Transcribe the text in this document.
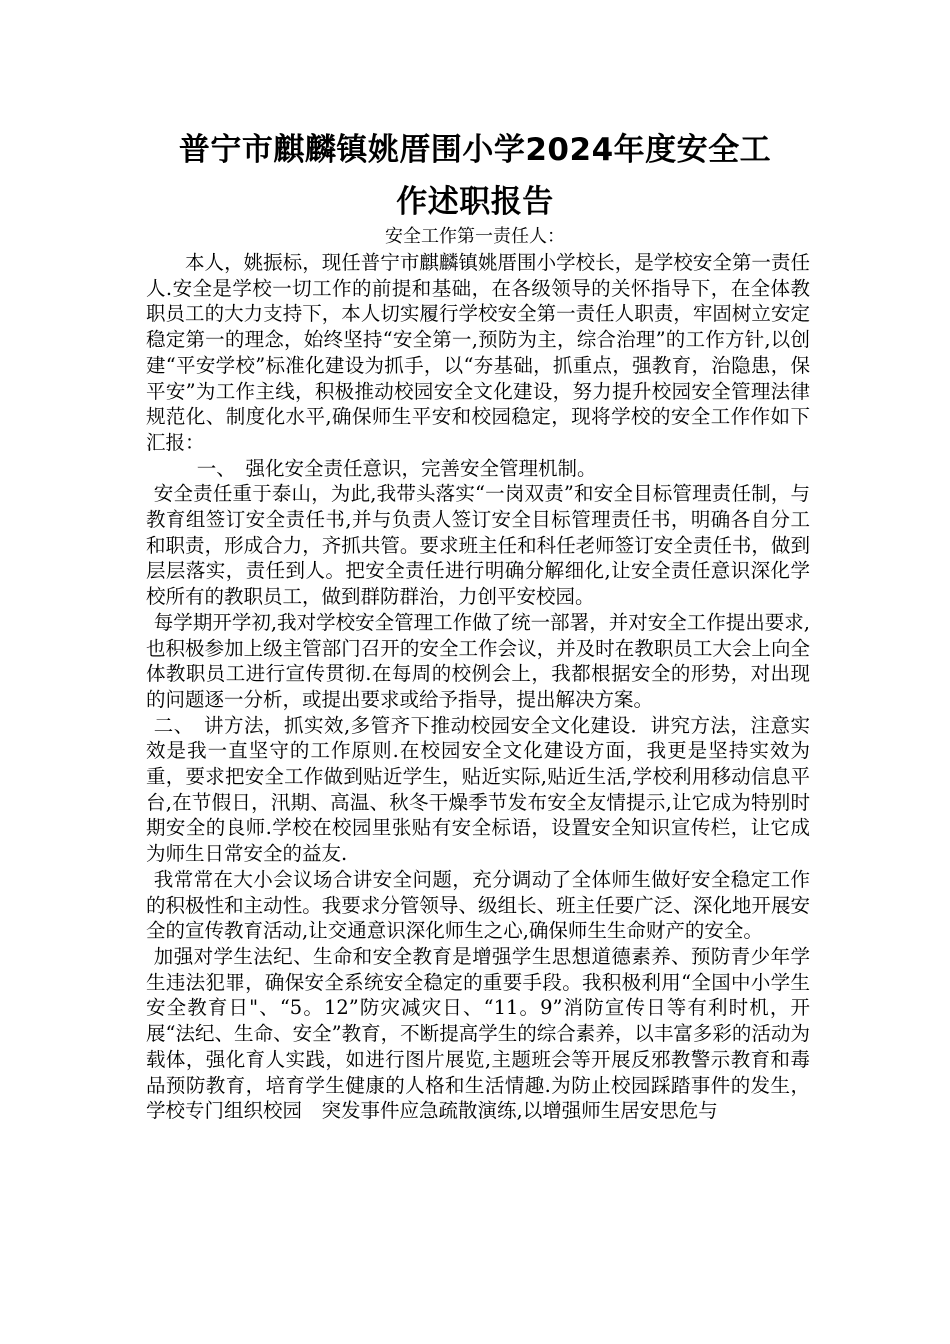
普宁市麒麟镇姚厝围小学2024年度安全工
作述职报告
安全工作第一责任人：

本人，姚振标，现任普宁市麒麟镇姚厝围小学校长，是学校安全第一责任人.安全是学校一切工作的前提和基础，在各级领导的关怀指导下，在全体教职员工的大力支持下，本人切实履行学校安全第一责任人职责，牢固树立安定稳定第一的理念，始终坚持“安全第一,预防为主，综合治理”的工作方针,以创建“平安学校”标准化建设为抓手，以“夯基础，抓重点，强教育，治隐患，保平安”为工作主线，积极推动校园安全文化建设，努力提升校园安全管理法律规范化、制度化水平,确保师生平安和校园稳定，现将学校的安全工作作如下汇报：

一、　强化安全责任意识，完善安全管理机制。

安全责任重于泰山，为此,我带头落实“一岗双责”和安全目标管理责任制，与教育组签订安全责任书,并与负责人签订安全目标管理责任书，明确各自分工和职责，形成合力，齐抓共管。要求班主任和科任老师签订安全责任书，做到层层落实，责任到人。把安全责任进行明确分解细化,让安全责任意识深化学校所有的教职员工，做到群防群治，力创平安校园。

每学期开学初,我对学校安全管理工作做了统一部署，并对安全工作提出要求,也积极参加上级主管部门召开的安全工作会议，并及时在教职员工大会上向全体教职员工进行宣传贯彻.在每周的校例会上，我都根据安全的形势，对出现的问题逐一分析，或提出要求或给予指导，提出解决方案。

二、　讲方法，抓实效,多管齐下推动校园安全文化建设．讲究方法，注意实效是我一直坚守的工作原则.在校园安全文化建设方面，我更是坚持实效为重，要求把安全工作做到贴近学生，贴近实际,贴近生活,学校利用移动信息平台,在节假日，汛期、高温、秋冬干燥季节发布安全友情提示,让它成为特别时期安全的良师.学校在校园里张贴有安全标语，设置安全知识宣传栏，让它成为师生日常安全的益友.

我常常在大小会议场合讲安全问题，充分调动了全体师生做好安全稳定工作的积极性和主动性。我要求分管领导、级组长、班主任要广泛、深化地开展安全的宣传教育活动,让交通意识深化师生之心,确保师生生命财产的安全。

加强对学生法纪、生命和安全教育是增强学生思想道德素养、预防青少年学生违法犯罪，确保安全系统安全稳定的重要手段。我积极利用“全国中小学生安全教育日"、“5。12”防灾减灾日、“11。9”消防宣传日等有利时机，开展“法纪、生命、安全”教育，不断提高学生的综合素养，以丰富多彩的活动为载体，强化育人实践，如进行图片展览,主题班会等开展反邪教警示教育和毒品预防教育，培育学生健康的人格和生活情趣.为防止校园踩踏事件的发生，学校专门组织校园　突发事件应急疏散演练,以增强师生居安思危与
